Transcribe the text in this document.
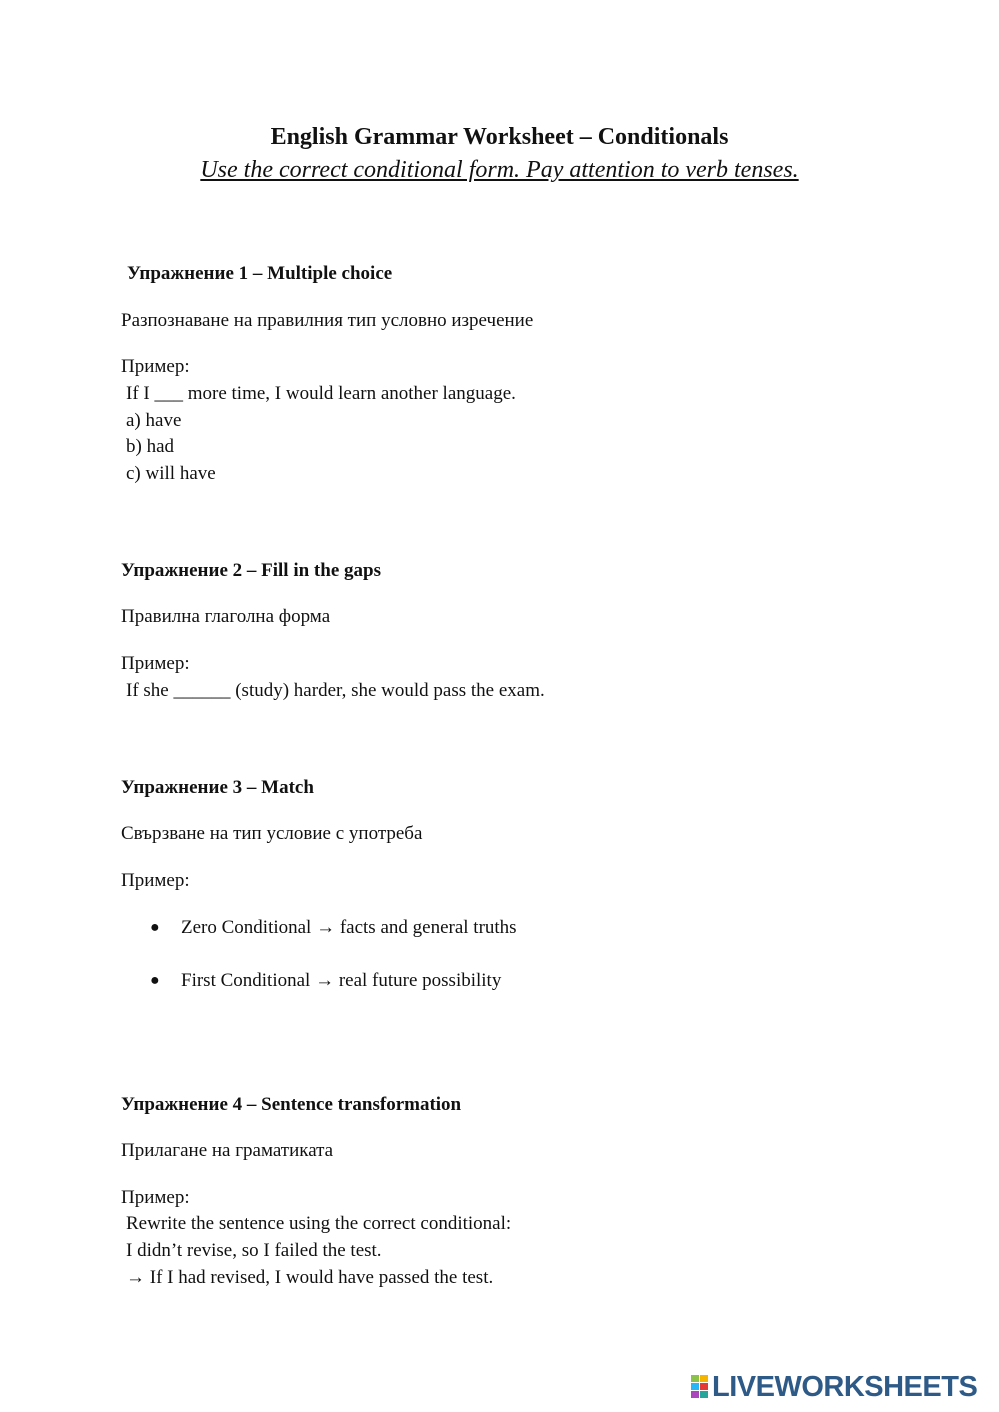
English Grammar Worksheet – Conditionals
Use the correct conditional form. Pay attention to verb tenses.
Упражнение 1 – Multiple choice
Разпознаване на правилния тип условно изречение
Пример:
If I ___ more time, I would learn another language.
a) have
b) had
c) will have
Упражнение 2 – Fill in the gaps
Правилна глаголна форма
Пример:
If she ______ (study) harder, she would pass the exam.
Упражнение 3 – Match
Свързване на тип условие с употреба
Пример:
● Zero Conditional → facts and general truths
● First Conditional → real future possibility
Упражнение 4 – Sentence transformation
Прилагане на граматиката
Пример:
Rewrite the sentence using the correct conditional:
I didn’t revise, so I failed the test.
→ If I had revised, I would have passed the test.
LIVEWORKSHEETS
